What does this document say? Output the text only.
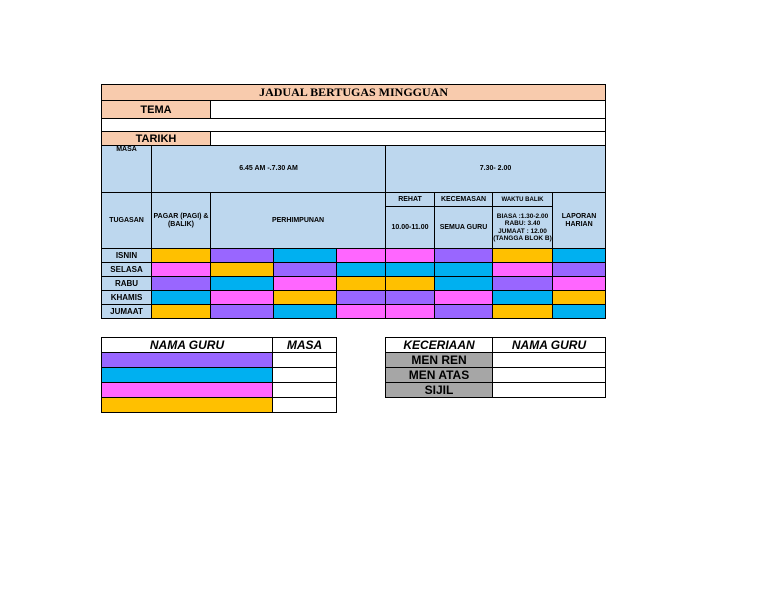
JADUAL BERTUGAS MINGGUAN								
TEMA								

TARIKH								
MASA	6.45 AM -.7.30 AM				7.30- 2.00			
TUGASAN	PAGAR (PAGI) & (BALIK)	PERHIMPUNAN			REHAT	KECEMASAN	WAKTU BALIK	LAPORAN HARIAN
					10.00-11.00	SEMUA GURU	BIASA :1.30-2.00 RABU: 3.40 JUMAAT : 12.00 (TANGGA BLOK B)	
ISNIN								
SELASA								
RABU								
KHAMIS								
JUMAAT								
NAMA GURU	MASA

		KECERIAAN	NAMA GURU
MEN REN	
MEN ATAS	
SIJIL	
